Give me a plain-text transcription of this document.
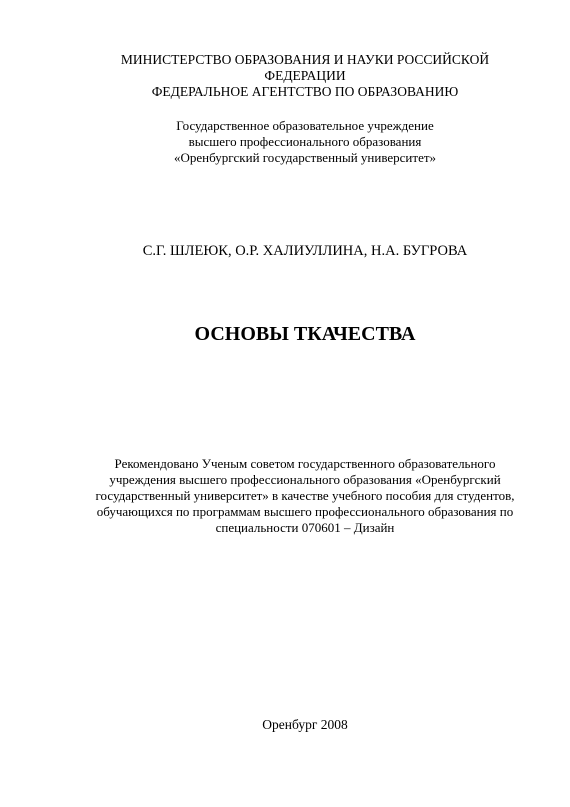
МИНИСТЕРСТВО ОБРАЗОВАНИЯ И НАУКИ РОССИЙСКОЙ
ФЕДЕРАЦИИ
ФЕДЕРАЛЬНОЕ АГЕНТСТВО ПО ОБРАЗОВАНИЮ
Государственное образовательное учреждение
высшего профессионального образования
«Оренбургский государственный университет»
С.Г. ШЛЕЮК, О.Р. ХАЛИУЛЛИНА, Н.А. БУГРОВА
ОСНОВЫ ТКАЧЕСТВА
Рекомендовано Ученым советом государственного образовательного
учреждения высшего профессионального образования «Оренбургский
государственный университет» в качестве учебного пособия для студентов,
обучающихся по программам высшего профессионального образования по
специальности 070601 – Дизайн
Оренбург 2008
